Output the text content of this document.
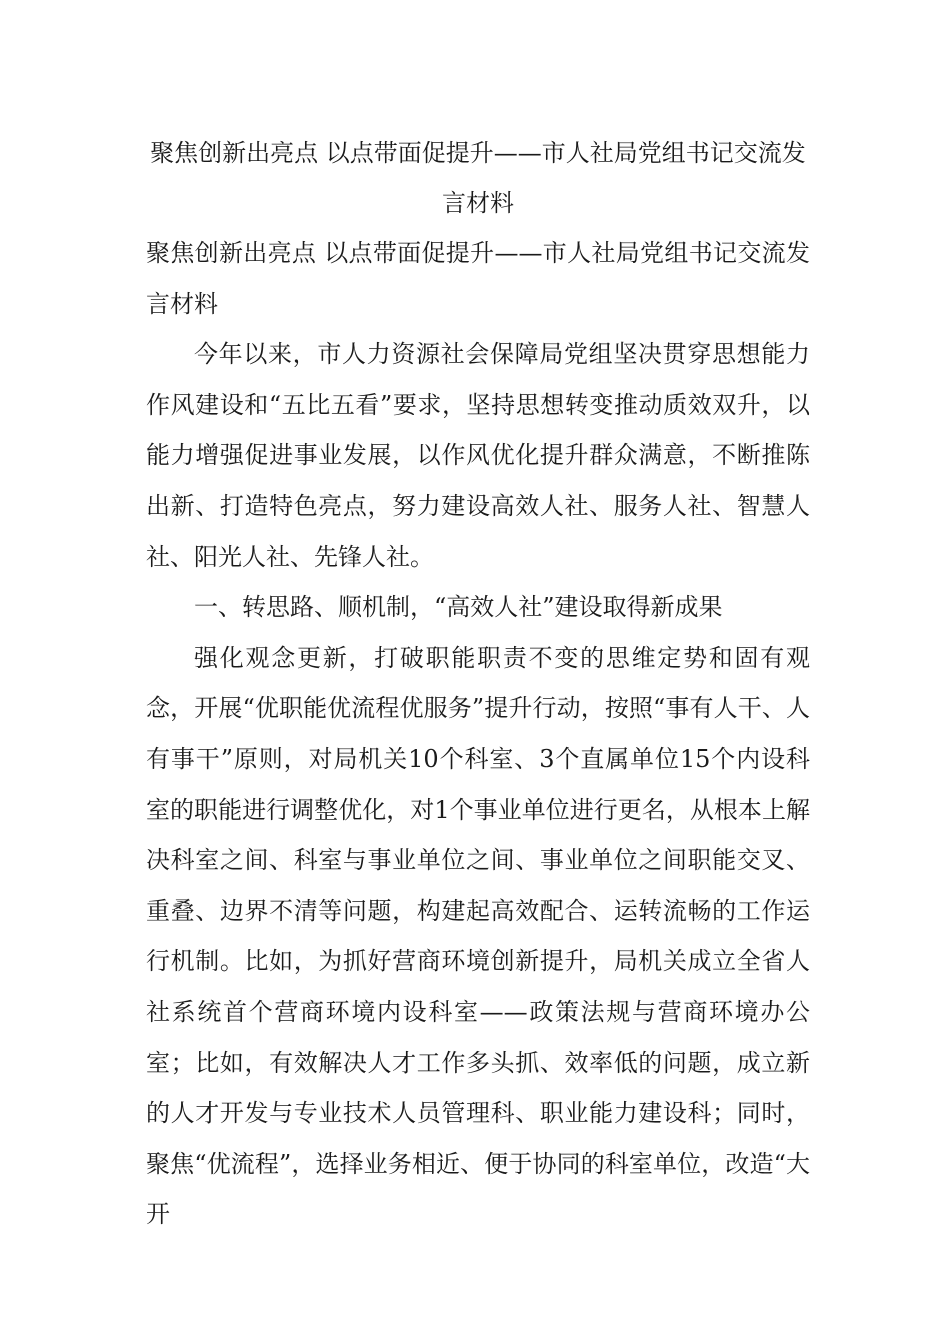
聚焦创新出亮点 以点带面促提升——市人社局党组书记交流发言材料

聚焦创新出亮点 以点带面促提升——市人社局党组书记交流发言材料

今年以来，市人力资源社会保障局党组坚决贯穿思想能力作风建设和“五比五看”要求，坚持思想转变推动质效双升，以能力增强促进事业发展，以作风优化提升群众满意，不断推陈出新、打造特色亮点，努力建设高效人社、服务人社、智慧人社、阳光人社、先锋人社。

一、转思路、顺机制，“高效人社”建设取得新成果

强化观念更新，打破职能职责不变的思维定势和固有观念，开展“优职能优流程优服务”提升行动，按照“事有人干、人有事干”原则，对局机关10个科室、3个直属单位15个内设科室的职能进行调整优化，对1个事业单位进行更名，从根本上解决科室之间、科室与事业单位之间、事业单位之间职能交叉、重叠、边界不清等问题，构建起高效配合、运转流畅的工作运行机制。比如，为抓好营商环境创新提升，局机关成立全省人社系统首个营商环境内设科室——政策法规与营商环境办公室；比如，有效解决人才工作多头抓、效率低的问题，成立新的人才开发与专业技术人员管理科、职业能力建设科；同时，聚焦“优流程”，选择业务相近、便于协同的科室单位，改造“大开
